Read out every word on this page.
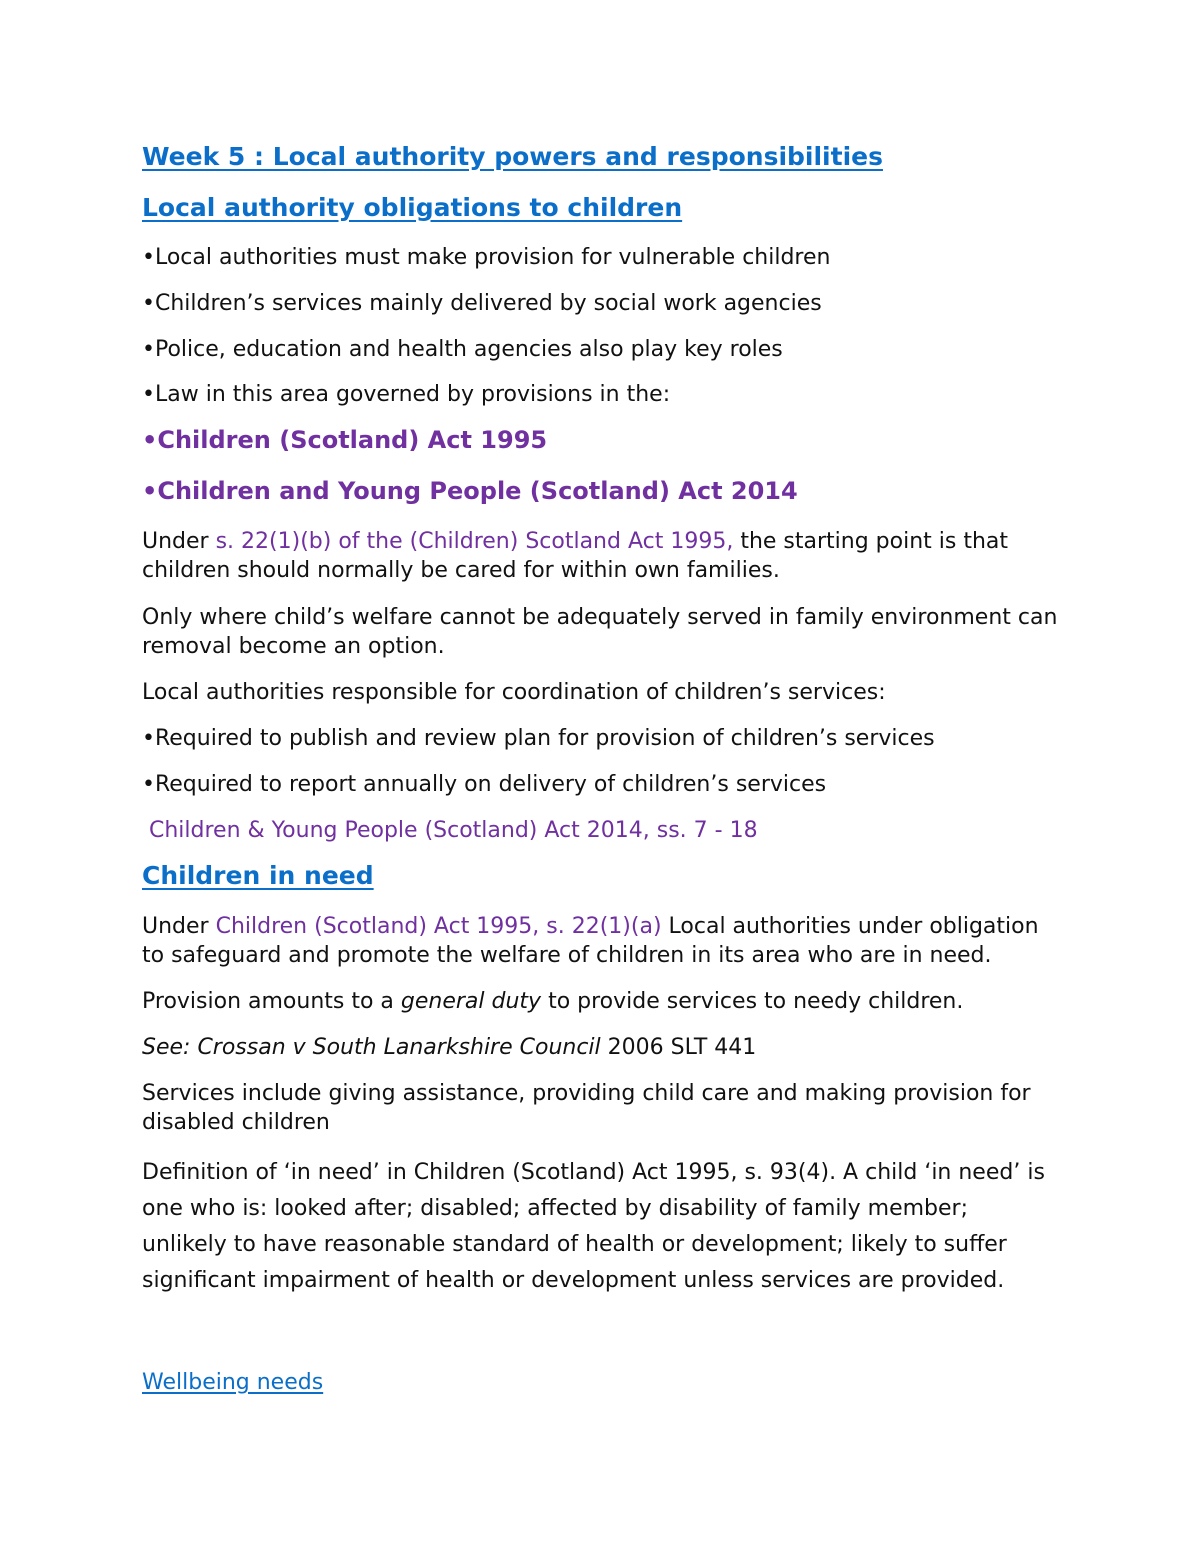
Week 5 : Local authority powers and responsibilities
Local authority obligations to children
•Local authorities must make provision for vulnerable children
•Children’s services mainly delivered by social work agencies
•Police, education and health agencies also play key roles
•Law in this area governed by provisions in the:
•Children (Scotland) Act 1995
•Children and Young People (Scotland) Act 2014
Under s. 22(1)(b) of the (Children) Scotland Act 1995, the starting point is that
children should normally be cared for within own families.
Only where child’s welfare cannot be adequately served in family environment can
removal become an option.
Local authorities responsible for coordination of children’s services:
•Required to publish and review plan for provision of children’s services
•Required to report annually on delivery of children’s services
Children & Young People (Scotland) Act 2014, ss. 7 - 18
Children in need
Under Children (Scotland) Act 1995, s. 22(1)(a) Local authorities under obligation
to safeguard and promote the welfare of children in its area who are in need.
Provision amounts to a general duty to provide services to needy children.
See: Crossan v South Lanarkshire Council 2006 SLT 441
Services include giving assistance, providing child care and making provision for
disabled children
Definition of ‘in need’ in Children (Scotland) Act 1995, s. 93(4). A child ‘in need’ is
one who is: looked after; disabled; affected by disability of family member;
unlikely to have reasonable standard of health or development; likely to suffer
significant impairment of health or development unless services are provided.
Wellbeing needs
